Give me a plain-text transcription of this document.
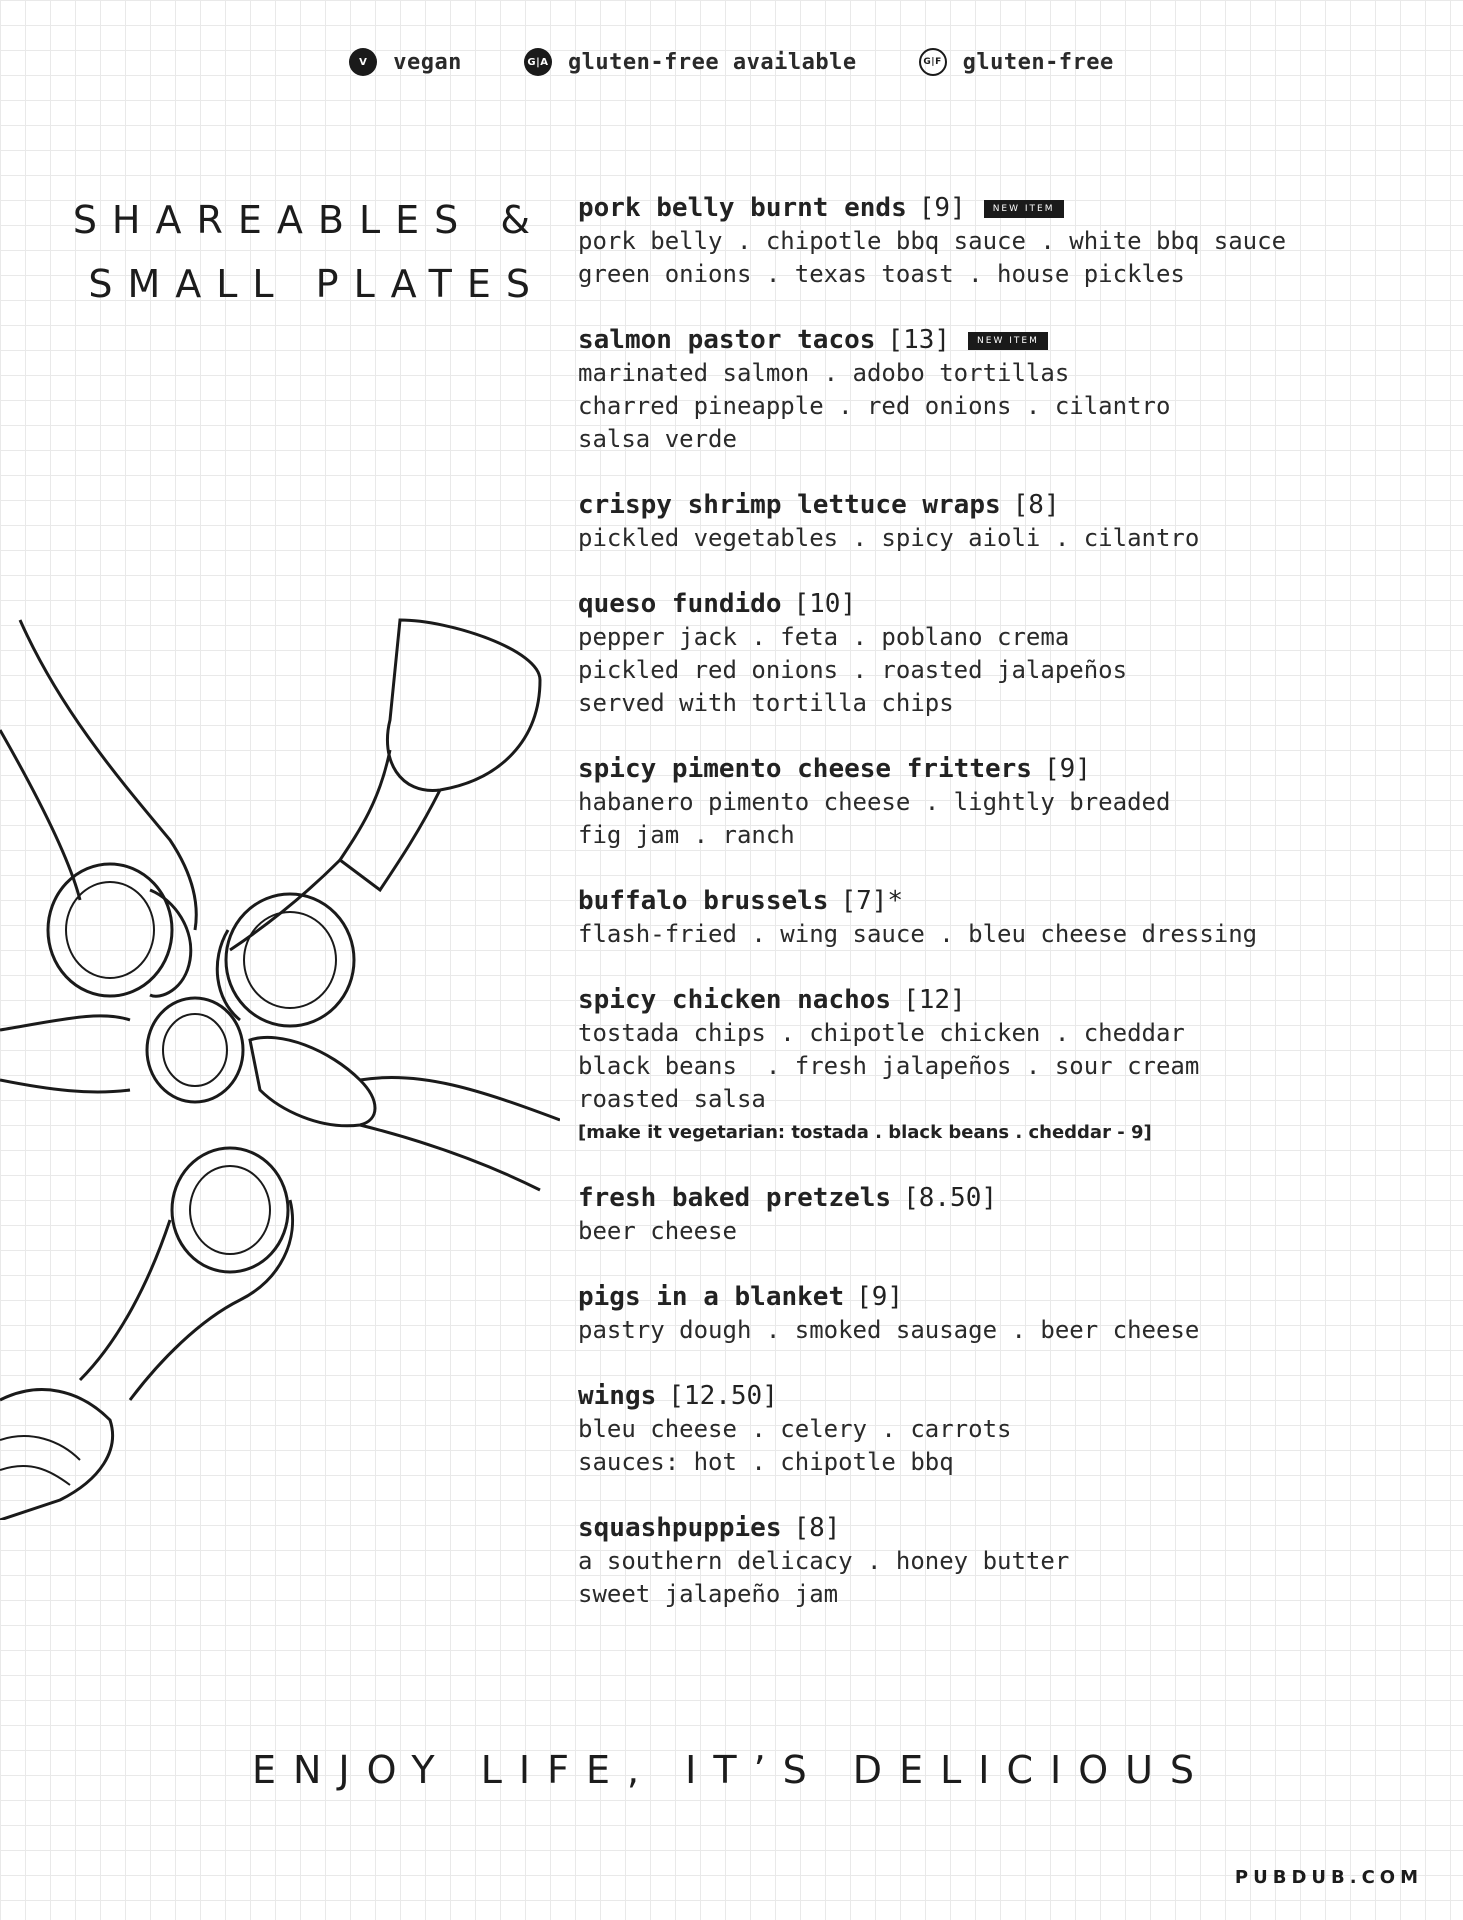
V	vegan	G|A gluten-free available	G|F gluten-free
SHAREABLES &
SMALL PLATES
pork belly burnt ends [9]	NEW ITEM
pork belly . chipotle bbq sauce . white bbq sauce
green onions . texas toast . house pickles
salmon pastor tacos [13]	NEW ITEM
marinated salmon . adobo tortillas
charred pineapple . red onions . cilantro
salsa verde
crispy shrimp lettuce wraps [8]
pickled vegetables . spicy aioli . cilantro
queso fundido [10]
pepper jack . feta . poblano crema
pickled red onions . roasted jalapeños
served with tortilla chips
spicy pimento cheese fritters [9]
habanero pimento cheese . lightly breaded
fig jam . ranch
buffalo brussels [7]*
flash-fried . wing sauce . bleu cheese dressing
spicy chicken nachos [12]
tostada chips . chipotle chicken . cheddar
black beans  . fresh jalapeños . sour cream
roasted salsa
[make it vegetarian: tostada . black beans . cheddar - 9]
fresh baked pretzels [8.50]
beer cheese
pigs in a blanket [9]
pastry dough . smoked sausage . beer cheese
wings [12.50]
bleu cheese . celery . carrots
sauces: hot . chipotle bbq
squashpuppies [8]
a southern delicacy . honey butter
sweet jalapeño jam
ENJOY LIFE, IT’S DELICIOUS
PUBDUB.COM
